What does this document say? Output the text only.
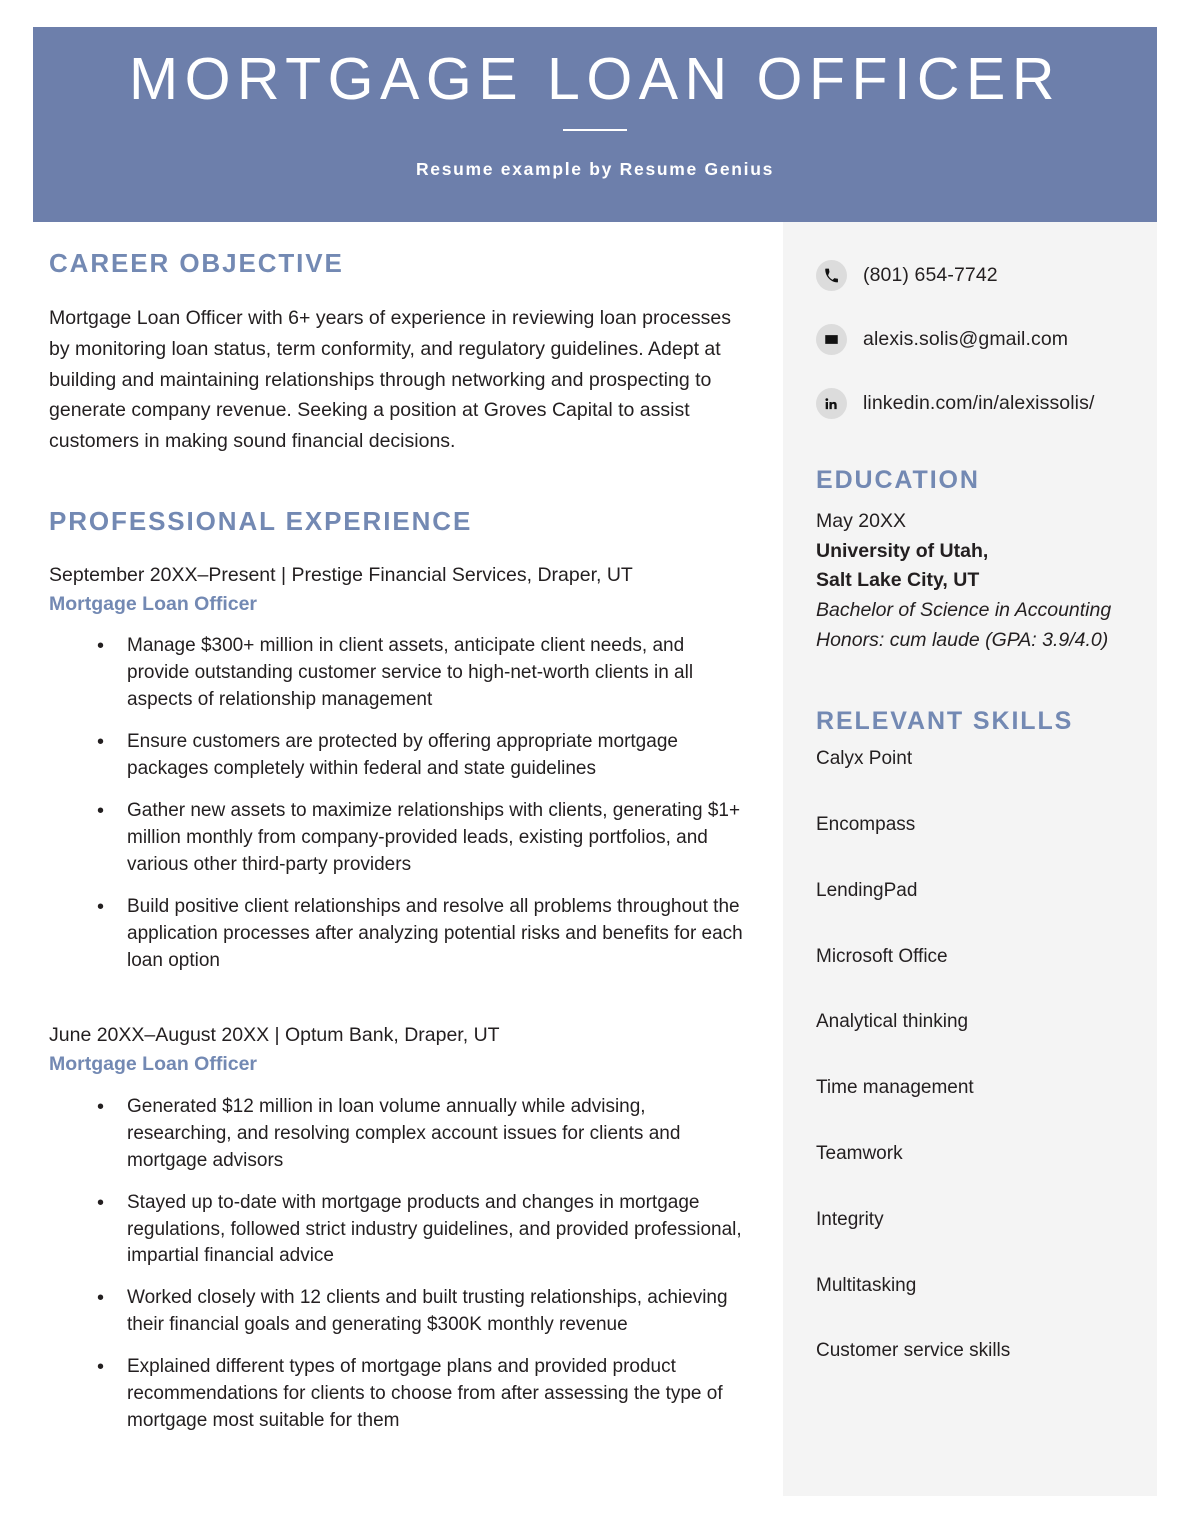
MORTGAGE LOAN OFFICER
Resume example by Resume Genius
(801) 654-7742
alexis.solis@gmail.com
linkedin.com/in/alexissolis/
EDUCATION
May 20XX
University of Utah,
Salt Lake City, UT
Bachelor of Science in Accounting
Honors: cum laude (GPA: 3.9/4.0)
RELEVANT SKILLS
Calyx Point
Encompass
LendingPad
Microsoft Office
Analytical thinking
Time management
Teamwork
Integrity
Multitasking
Customer service skills
CAREER OBJECTIVE

Mortgage Loan Officer with 6+ years of experience in reviewing loan processes by monitoring loan status, term conformity, and regulatory guidelines. Adept at building and maintaining relationships through networking and prospecting to generate company revenue. Seeking a position at Groves Capital to assist customers in making sound financial decisions.

PROFESSIONAL EXPERIENCE
September 20XX–Present | Prestige Financial Services, Draper, UT
Mortgage Loan Officer
• Manage $300+ million in client assets, anticipate client needs, and provide outstanding customer service to high-net-worth clients in all aspects of relationship management
• Ensure customers are protected by offering appropriate mortgage packages completely within federal and state guidelines
• Gather new assets to maximize relationships with clients, generating $1+ million monthly from company-provided leads, existing portfolios, and various other third-party providers
• Build positive client relationships and resolve all problems throughout the application processes after analyzing potential risks and benefits for each loan option
June 20XX–August 20XX | Optum Bank, Draper, UT
Mortgage Loan Officer
• Generated $12 million in loan volume annually while advising, researching, and resolving complex account issues for clients and mortgage advisors
• Stayed up to-date with mortgage products and changes in mortgage regulations, followed strict industry guidelines, and provided professional, impartial financial advice
• Worked closely with 12 clients and built trusting relationships, achieving their financial goals and generating $300K monthly revenue
• Explained different types of mortgage plans and provided product recommendations for clients to choose from after assessing the type of mortgage most suitable for them
